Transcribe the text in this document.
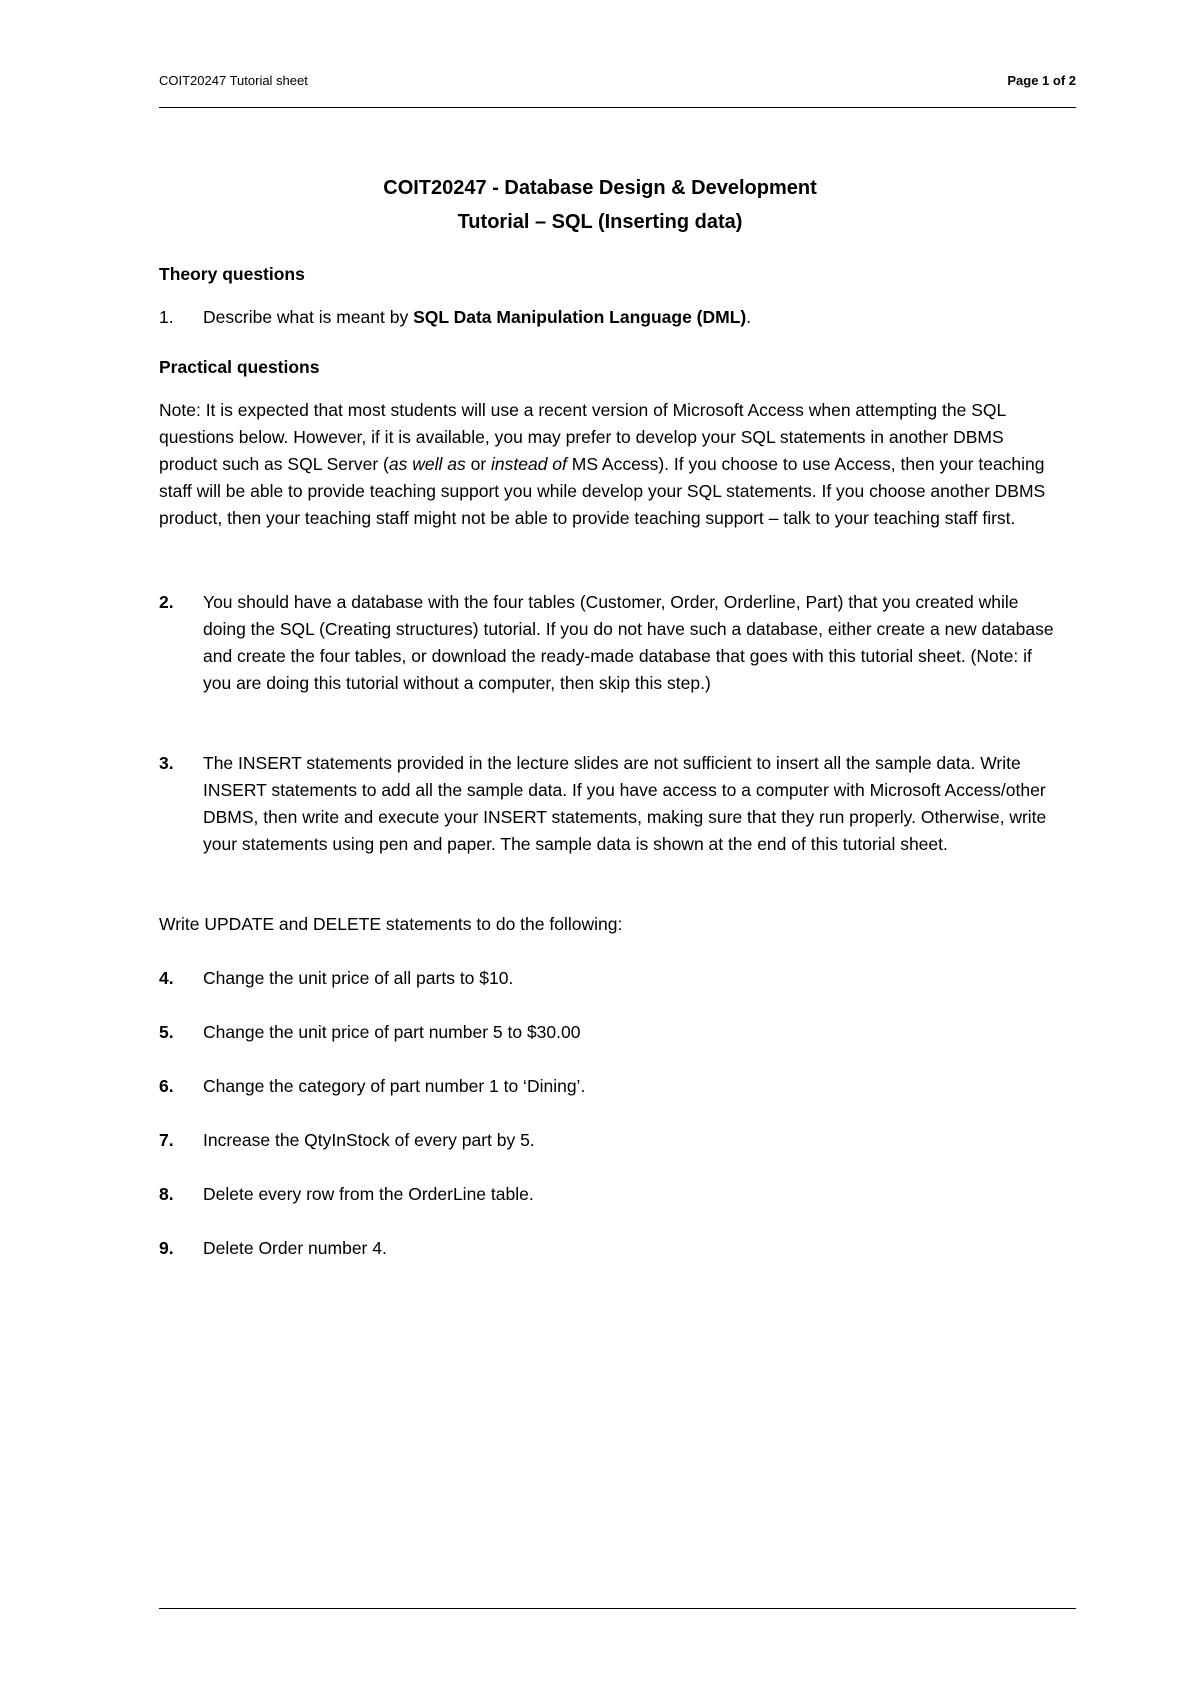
COIT20247 Tutorial sheet	Page 1 of 2
COIT20247 - Database Design & Development
Tutorial – SQL (Inserting data)
Theory questions
1. Describe what is meant by SQL Data Manipulation Language (DML).
Practical questions
Note: It is expected that most students will use a recent version of Microsoft Access when attempting the SQL questions below. However, if it is available, you may prefer to develop your SQL statements in another DBMS product such as SQL Server (as well as or instead of MS Access). If you choose to use Access, then your teaching staff will be able to provide teaching support you while develop your SQL statements. If you choose another DBMS product, then your teaching staff might not be able to provide teaching support – talk to your teaching staff first.
2. You should have a database with the four tables (Customer, Order, Orderline, Part) that you created while doing the SQL (Creating structures) tutorial. If you do not have such a database, either create a new database and create the four tables, or download the ready-made database that goes with this tutorial sheet. (Note: if you are doing this tutorial without a computer, then skip this step.)
3. The INSERT statements provided in the lecture slides are not sufficient to insert all the sample data. Write INSERT statements to add all the sample data. If you have access to a computer with Microsoft Access/other DBMS, then write and execute your INSERT statements, making sure that they run properly. Otherwise, write your statements using pen and paper. The sample data is shown at the end of this tutorial sheet.
Write UPDATE and DELETE statements to do the following:
4. Change the unit price of all parts to $10.
5. Change the unit price of part number 5 to $30.00
6. Change the category of part number 1 to ‘Dining’.
7. Increase the QtyInStock of every part by 5.
8. Delete every row from the OrderLine table.
9. Delete Order number 4.
